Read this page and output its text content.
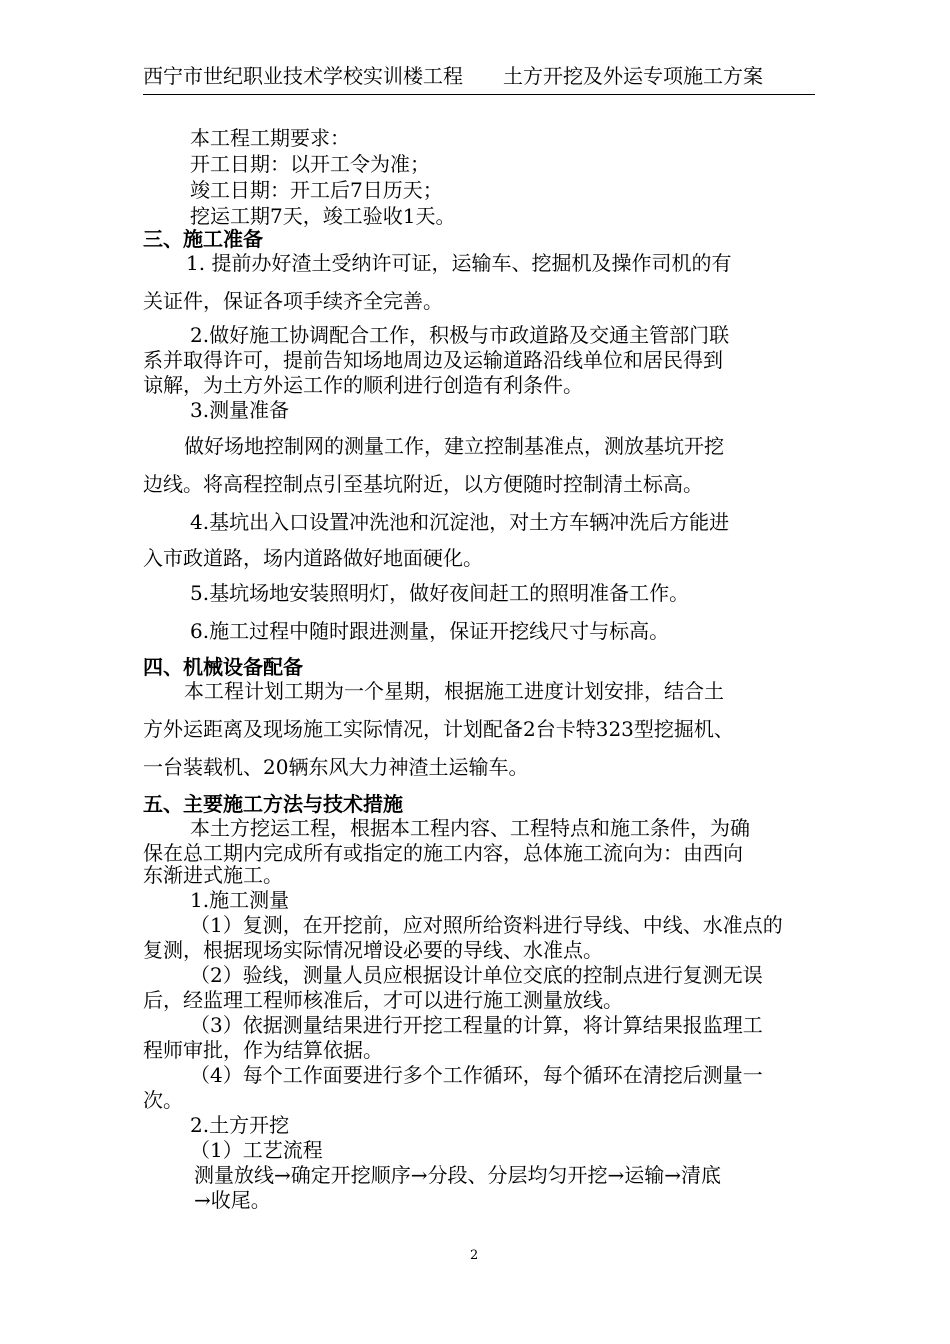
西宁市世纪职业技术学校实训楼工程 土方开挖及外运专项施工方案
本工程工期要求：
开工日期：以开工令为准；
竣工日期：开工后7日历天；
挖运工期7天，竣工验收1天。
三、施工准备
1. 提前办好渣土受纳许可证，运输车、挖掘机及操作司机的有
关证件，保证各项手续齐全完善。
2.做好施工协调配合工作，积极与市政道路及交通主管部门联
系并取得许可，提前告知场地周边及运输道路沿线单位和居民得到
谅解，为土方外运工作的顺利进行创造有利条件。
3.测量准备
做好场地控制网的测量工作，建立控制基准点，测放基坑开挖
边线。将高程控制点引至基坑附近，以方便随时控制清土标高。
4.基坑出入口设置冲洗池和沉淀池，对土方车辆冲洗后方能进
入市政道路，场内道路做好地面硬化。
5.基坑场地安装照明灯，做好夜间赶工的照明准备工作。
6.施工过程中随时跟进测量，保证开挖线尺寸与标高。
四、机械设备配备
本工程计划工期为一个星期，根据施工进度计划安排，结合土
方外运距离及现场施工实际情况，计划配备2台卡特323型挖掘机、
一台装载机、20辆东风大力神渣土运输车。
五、主要施工方法与技术措施
本土方挖运工程，根据本工程内容、工程特点和施工条件，为确
保在总工期内完成所有或指定的施工内容，总体施工流向为：由西向
东渐进式施工。
1.施工测量
（1）复测，在开挖前，应对照所给资料进行导线、中线、水准点的
复测，根据现场实际情况增设必要的导线、水准点。
（2）验线，测量人员应根据设计单位交底的控制点进行复测无误
后，经监理工程师核准后，才可以进行施工测量放线。
（3）依据测量结果进行开挖工程量的计算，将计算结果报监理工
程师审批，作为结算依据。
（4）每个工作面要进行多个工作循环，每个循环在清挖后测量一
次。
2.土方开挖
（1）工艺流程
测量放线→确定开挖顺序→分段、分层均匀开挖→运输→清底
→收尾。
2
